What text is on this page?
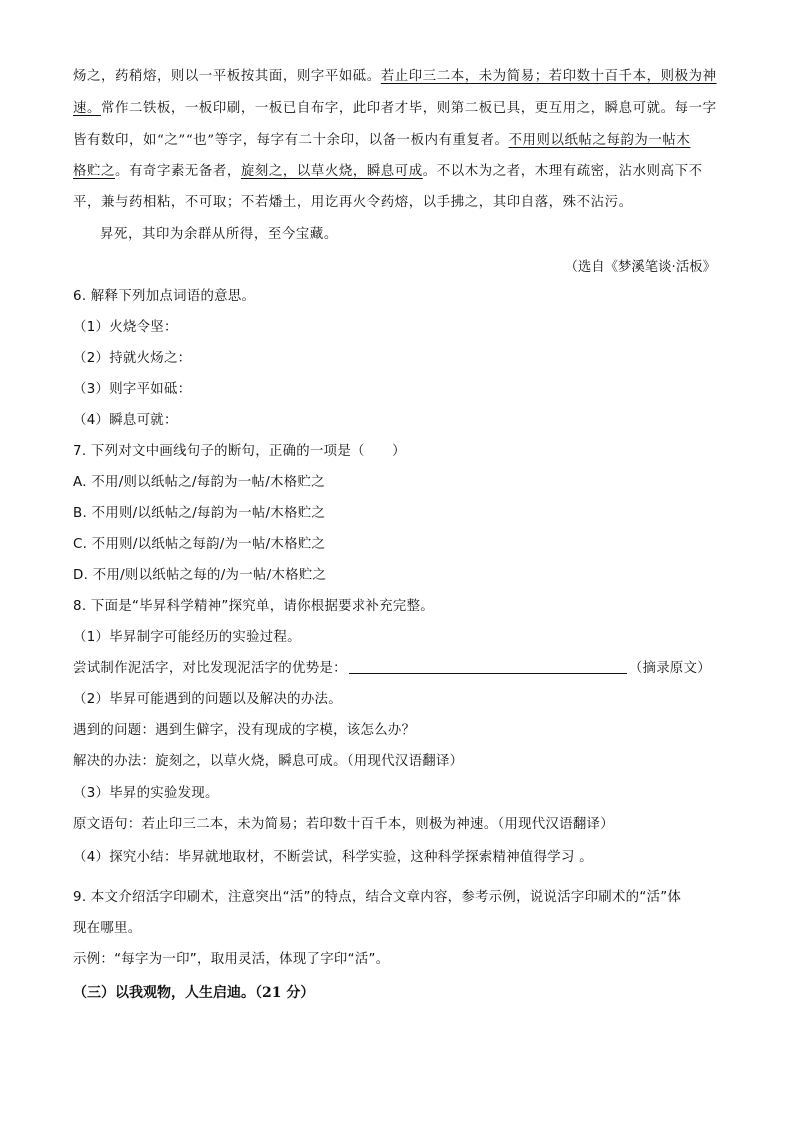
炀之，药稍熔，则以一平板按其面，则字平如砥。若止印三二本，未为简易；若印数十百千本，则极为神
速。常作二铁板，一板印刷，一板已自布字，此印者才毕，则第二板已具，更互用之，瞬息可就。每一字
皆有数印，如“之”“也”等字，每字有二十余印，以备一板内有重复者。不用则以纸帖之每韵为一帖木
格贮之。有奇字素无备者，旋刻之，以草火烧，瞬息可成。不以木为之者，木理有疏密，沾水则高下不
平，兼与药相粘，不可取；不若燔土，用讫再火令药熔，以手拂之，其印自落，殊不沾污。
昇死，其印为余群从所得，至今宝藏。
（选自《梦溪笔谈·活板》
6. 解释下列加点词语的意思。
（1）火烧令坚：
（2）持就火炀之：
（3）则字平如砥：
（4）瞬息可就：
7. 下列对文中画线句子的断句，正确的一项是（　　）
A. 不用/则以纸帖之/每韵为一帖/木格贮之
B. 不用则/以纸帖之/每韵为一帖/木格贮之
C. 不用则/以纸帖之每韵/为一帖/木格贮之
D. 不用/则以纸帖之每的/为一帖/木格贮之
8. 下面是“毕昇科学精神”探究单，请你根据要求补充完整。
（1）毕昇制字可能经历的实验过程。
尝试制作泥活字，对比发现泥活字的优势是：	（摘录原文）
（2）毕昇可能遇到的问题以及解决的办法。
遇到的问题：遇到生僻字，没有现成的字模，该怎么办？
解决的办法：旋刻之，以草火烧，瞬息可成。（用现代汉语翻译）
（3）毕昇的实验发现。
原文语句：若止印三二本，未为简易；若印数十百千本，则极为神速。（用现代汉语翻译）
（4）探究小结：毕昇就地取材，不断尝试，科学实验，这种科学探索精神值得学习 。
9. 本文介绍活字印刷术，注意突出“活”的特点，结合文章内容，参考示例，说说活字印刷术的“活”体
现在哪里。
示例：“每字为一印”，取用灵活，体现了字印“活”。
（三）以我观物，人生启迪。（21 分）
